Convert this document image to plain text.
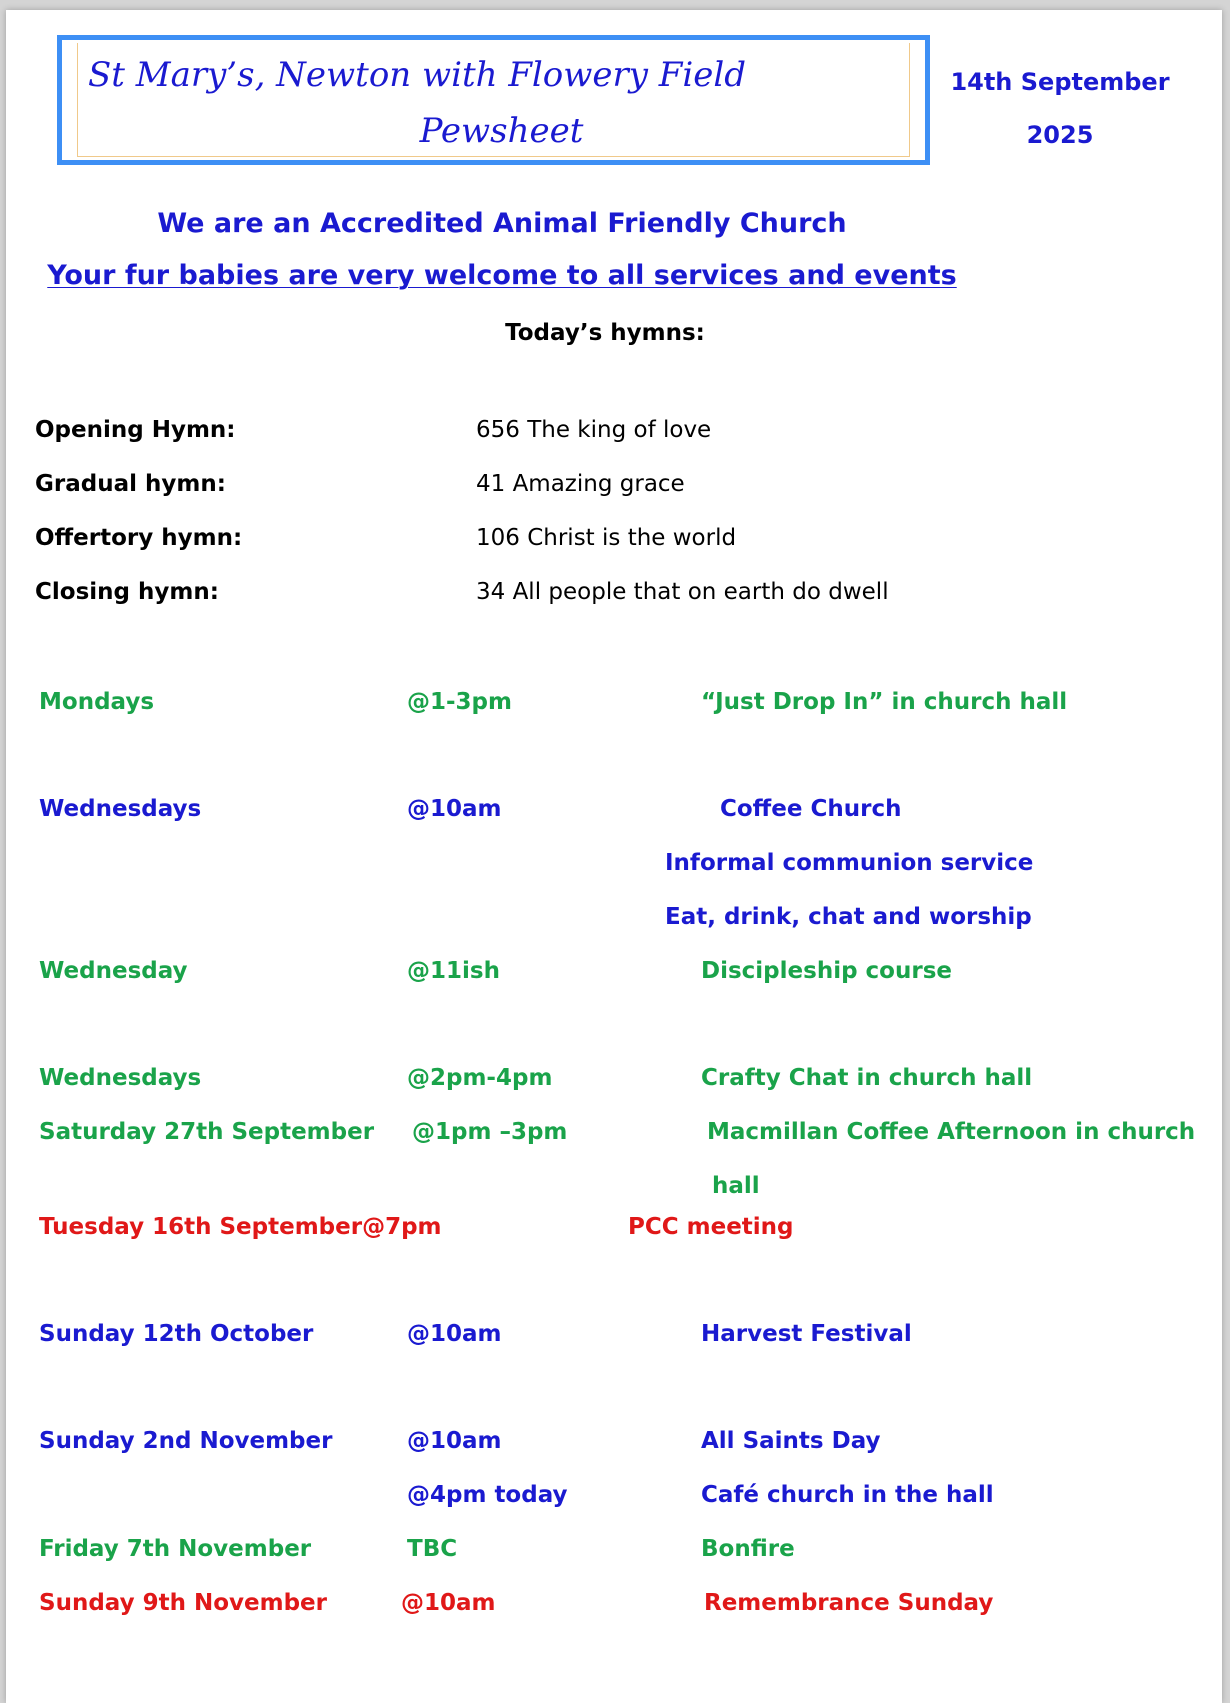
St Mary’s, Newton with Flowery Field
Pewsheet
14th September
2025
We are an Accredited Animal Friendly Church
Your fur babies are very welcome to all services and events
Today’s hymns:
Opening Hymn:	656 The king of love
Gradual hymn:	41 Amazing grace
Offertory hymn:	106 Christ is the world
Closing hymn:	34 All people that on earth do dwell
Mondays	@1-3pm	“Just Drop In” in church hall
Wednesdays	@10am	Coffee Church
Informal communion service
Eat, drink, chat and worship
Wednesday	@11ish	Discipleship course
Wednesdays	@2pm-4pm	Crafty Chat in church hall
Saturday 27th September @1pm –3pm	Macmillan Coffee Afternoon in church
hall
Tuesday 16th September@7pm	PCC meeting
Sunday 12th October	@10am	Harvest Festival
Sunday 2nd November	@10am	All Saints Day
@4pm today	Café church in the hall
Friday 7th November	TBC	Bonfire
Sunday 9th November	@10am	Remembrance Sunday
